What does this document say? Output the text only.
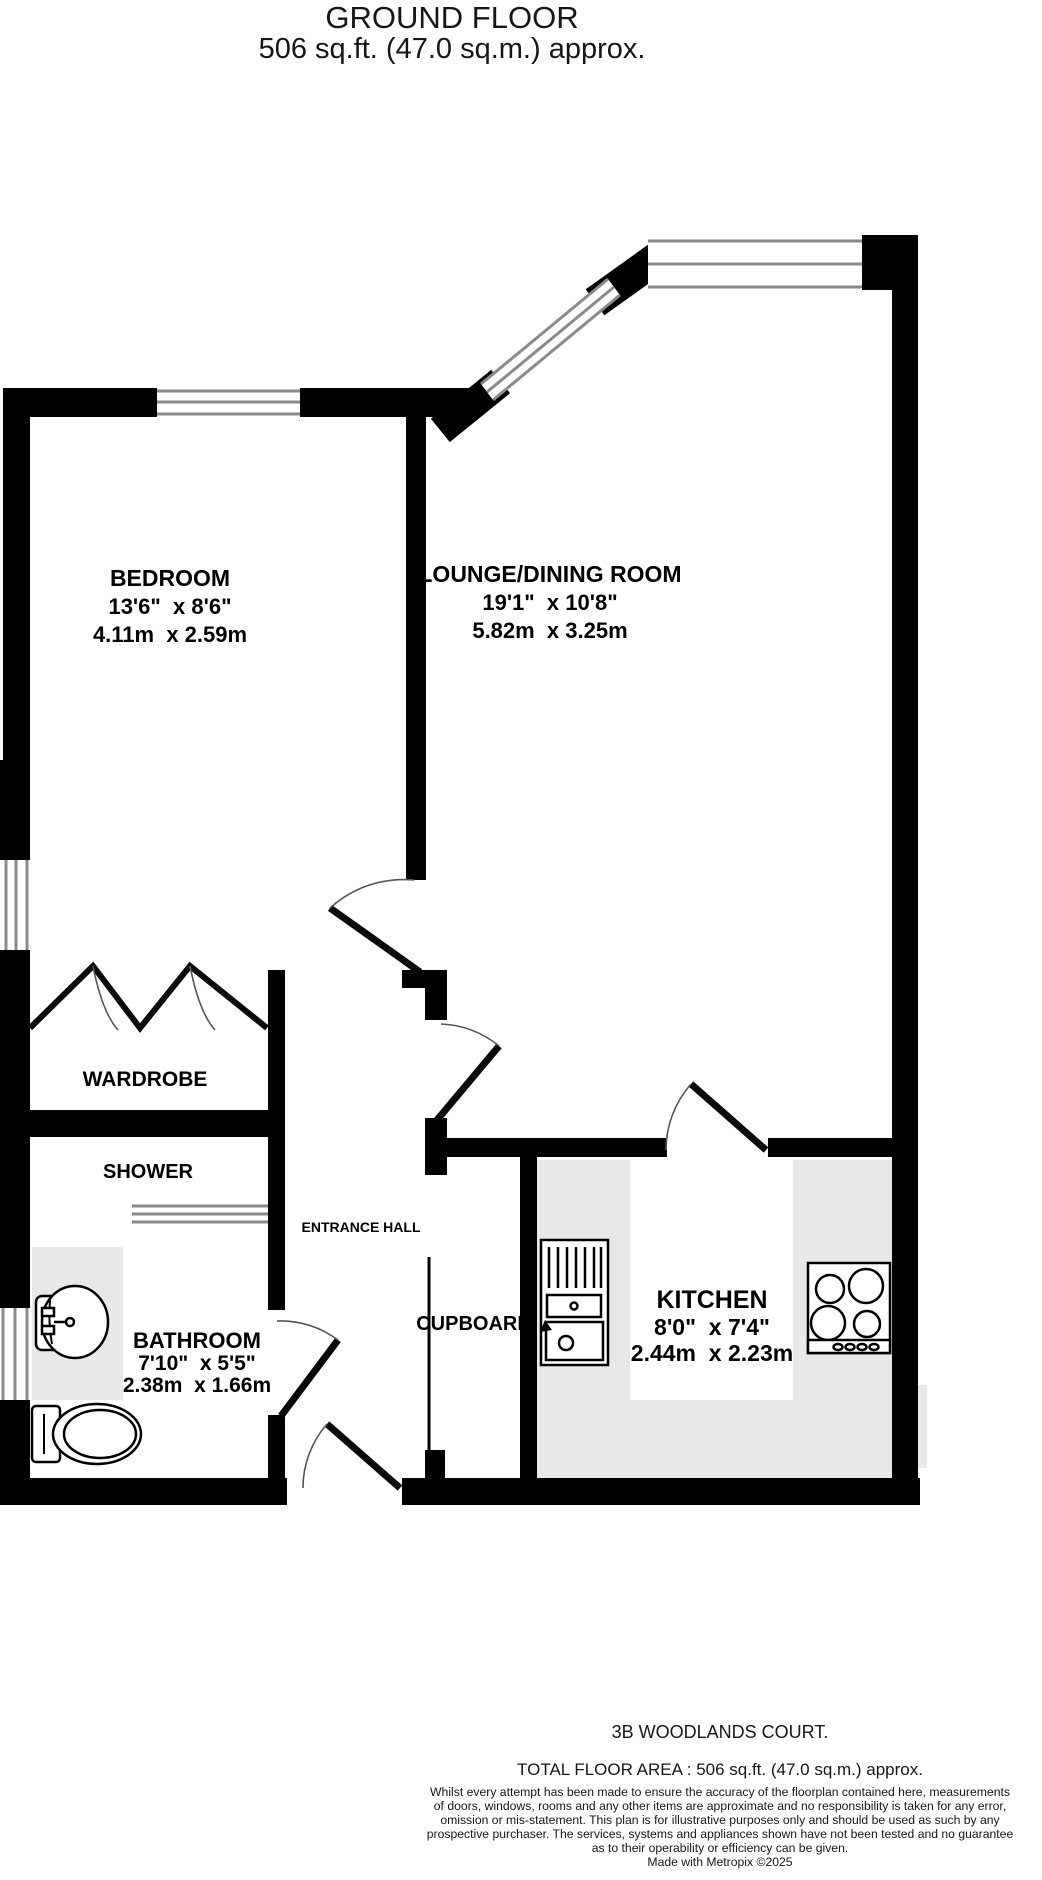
GROUND FLOOR
506 sq.ft. (47.0 sq.m.) approx.
BEDROOM
13'6"  x 8'6"
4.11m  x 2.59m
LOUNGE/DINING ROOM
19'1"  x 10'8"
5.82m  x 3.25m
KITCHEN
8'0"  x 7'4"
2.44m  x 2.23m
BATHROOM
7'10"  x 5'5"
2.38m  x 1.66m
WARDROBE
SHOWER
ENTRANCE HALL
CUPBOARD
3B WOODLANDS COURT.
TOTAL FLOOR AREA : 506 sq.ft. (47.0 sq.m.) approx.
Whilst every attempt has been made to ensure the accuracy of the floorplan contained here, measurements
of doors, windows, rooms and any other items are approximate and no responsibility is taken for any error,
omission or mis-statement. This plan is for illustrative purposes only and should be used as such by any
prospective purchaser. The services, systems and appliances shown have not been tested and no guarantee
as to their operability or efficiency can be given.
Made with Metropix ©2025
